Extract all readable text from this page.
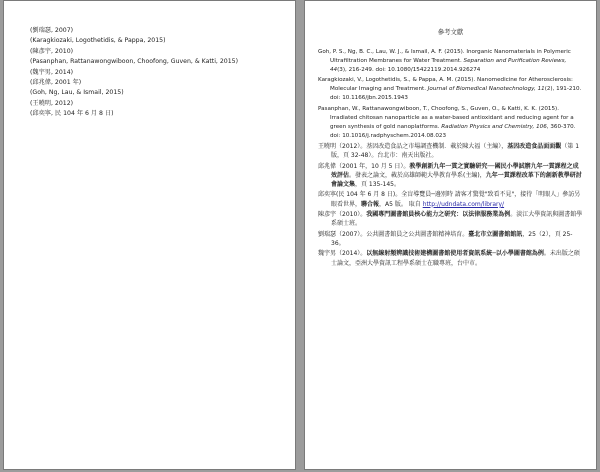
(劉瑞瑟, 2007)

(Karagkiozaki, Logothetidis, & Pappa, 2015)

(陳彥宇, 2010)

(Pasanphan, Rattanawongwiboon, Choofong, Guven, & Katti, 2015)

(魏宇男, 2014)

(邱兆偉, 2001 年)

(Goh, Ng, Lau, & Ismail, 2015)

(王曉明, 2012)

(邱奕寧, 民 104 年 6 月 8 日)

參考文獻

Goh, P. S., Ng, B. C., Lau, W. J., & Ismail, A. F. (2015). Inorganic Nanomaterials in Polymeric Ultrafiltration Membranes for Water Treatment. Separation and Purification Reviews, 44(3), 216-249. doi: 10.1080/15422119.2014.926274

Karagkiozaki, V., Logothetidis, S., & Pappa, A. M. (2015). Nanomedicine for Atherosclerosis: Molecular Imaging and Treatment. Journal of Biomedical Nanotechnology, 11(2), 191-210. doi: 10.1166/jbn.2015.1943

Pasanphan, W., Rattanawongwiboon, T., Choofong, S., Guven, O., & Katti, K. K. (2015). Irradiated chitosan nanoparticle as a water-based antioxidant and reducing agent for a green synthesis of gold nanoplatforms. Radiation Physics and Chemistry, 106, 360-370. doi: 10.1016/j.radphyschem.2014.08.023

王曉明（2012）。基因改造食品之市場調查機制．載於陳大福（主編），基因改造食品面面觀（第 1 版，頁 32-48）。台北市：南天出版社。

邱兆偉（2001 年，10 月 5 日）。教學創新九年一貫之實驗研究──國民小學試辦九年一貫課程之成效評估。發表之論文，載於高雄師範大學教育學系(主編)，九年一貫課程改革下的創新教學研討會論文集，頁 135-145。

邱奕寧(民 104 年 6 月 8 日)。全盲導覽員─邊別時 請客才驚覺"致看不見"，接待「明眼人」參訪另眼看世界，聯合報，A5 版。 取自 http://udndata.com/library/

陳彥宇（2010）。我國專門圖書館員核心能力之研究：以法律服務業為例。淡江大學資訊與圖書館學系碩士班。

劉瑞瑟（2007）。公共圖書館員之公共圖書館精神培育。臺北市立圖書館館訊，25（2），頁 25-36。

魏宇男（2014）。以無線射頻辨識技術建構圖書館使用者資訊系統─以小學圖書館為例。未出版之碩士論文，亞洲大學資訊工程學系碩士在職專班，台中市。
